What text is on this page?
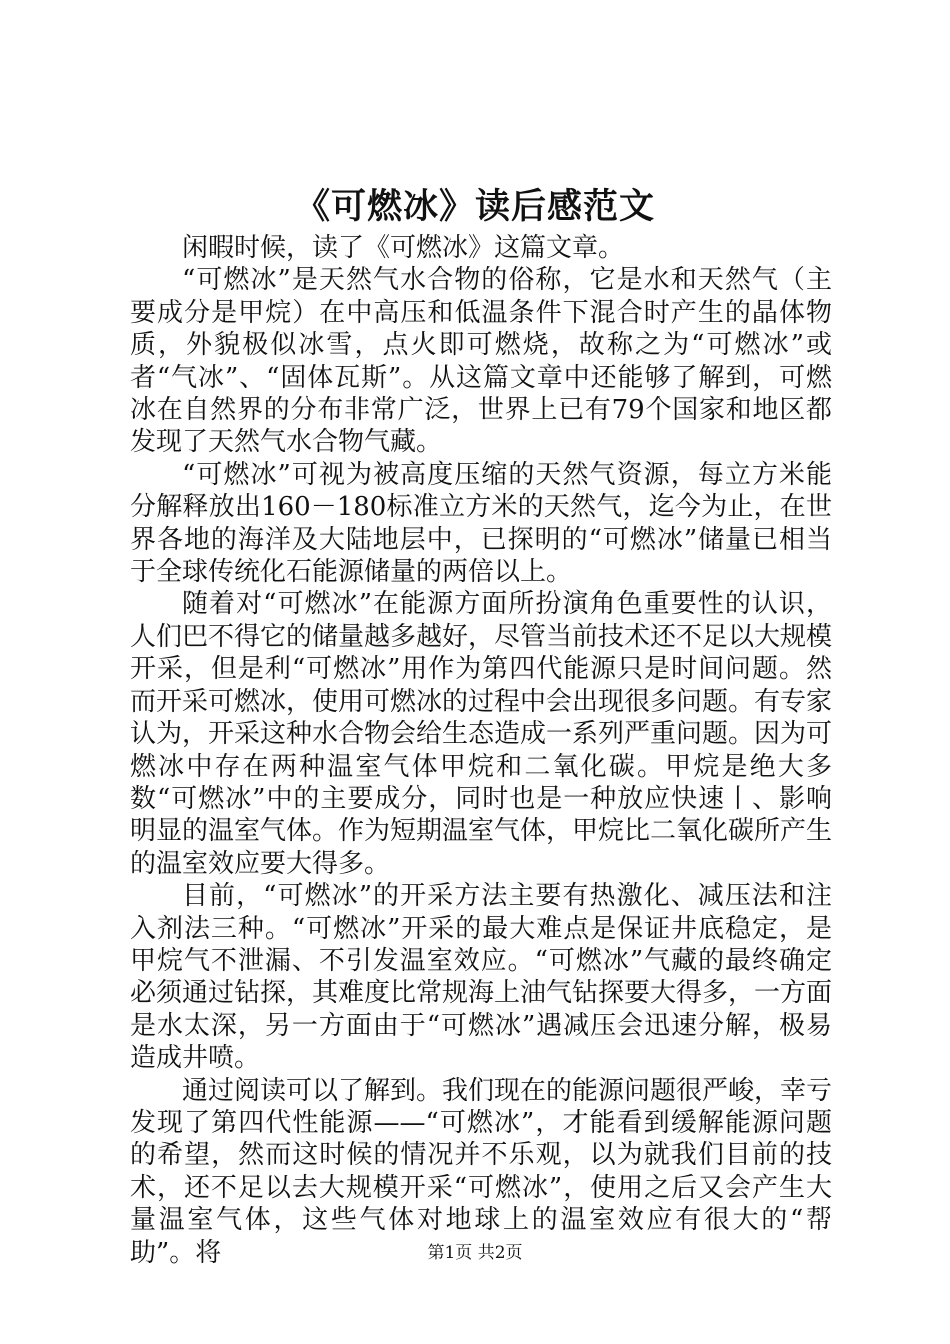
《可燃冰》读后感范文

闲暇时候，读了《可燃冰》这篇文章。

“可燃冰”是天然气水合物的俗称，它是水和天然气（主要成分是甲烷）在中高压和低温条件下混合时产生的晶体物质，外貌极似冰雪，点火即可燃烧，故称之为“可燃冰”或者“气冰”、“固体瓦斯”。从这篇文章中还能够了解到，可燃冰在自然界的分布非常广泛，世界上已有79个国家和地区都发现了天然气水合物气藏。

“可燃冰”可视为被高度压缩的天然气资源，每立方米能分解释放出160－180标准立方米的天然气，迄今为止，在世界各地的海洋及大陆地层中，已探明的“可燃冰”储量已相当于全球传统化石能源储量的两倍以上。

随着对“可燃冰”在能源方面所扮演角色重要性的认识，人们巴不得它的储量越多越好，尽管当前技术还不足以大规模开采，但是利“可燃冰”用作为第四代能源只是时间问题。然而开采可燃冰，使用可燃冰的过程中会出现很多问题。有专家认为，开采这种水合物会给生态造成一系列严重问题。因为可燃冰中存在两种温室气体甲烷和二氧化碳。甲烷是绝大多数“可燃冰”中的主要成分，同时也是一种放应快速丨、影响明显的温室气体。作为短期温室气体，甲烷比二氧化碳所产生的温室效应要大得多。

目前，“可燃冰”的开采方法主要有热激化、减压法和注入剂法三种。“可燃冰”开采的最大难点是保证井底稳定，是甲烷气不泄漏、不引发温室效应。“可燃冰”气藏的最终确定必须通过钻探，其难度比常规海上油气钻探要大得多，一方面是水太深，另一方面由于“可燃冰”遇减压会迅速分解，极易造成井喷。

通过阅读可以了解到。我们现在的能源问题很严峻，幸亏发现了第四代性能源——“可燃冰”，才能看到缓解能源问题的希望，然而这时候的情况并不乐观，以为就我们目前的技术，还不足以去大规模开采“可燃冰”，使用之后又会产生大量温室气体，这些气体对地球上的温室效应有很大的“帮助”。将	第1页 共2页
